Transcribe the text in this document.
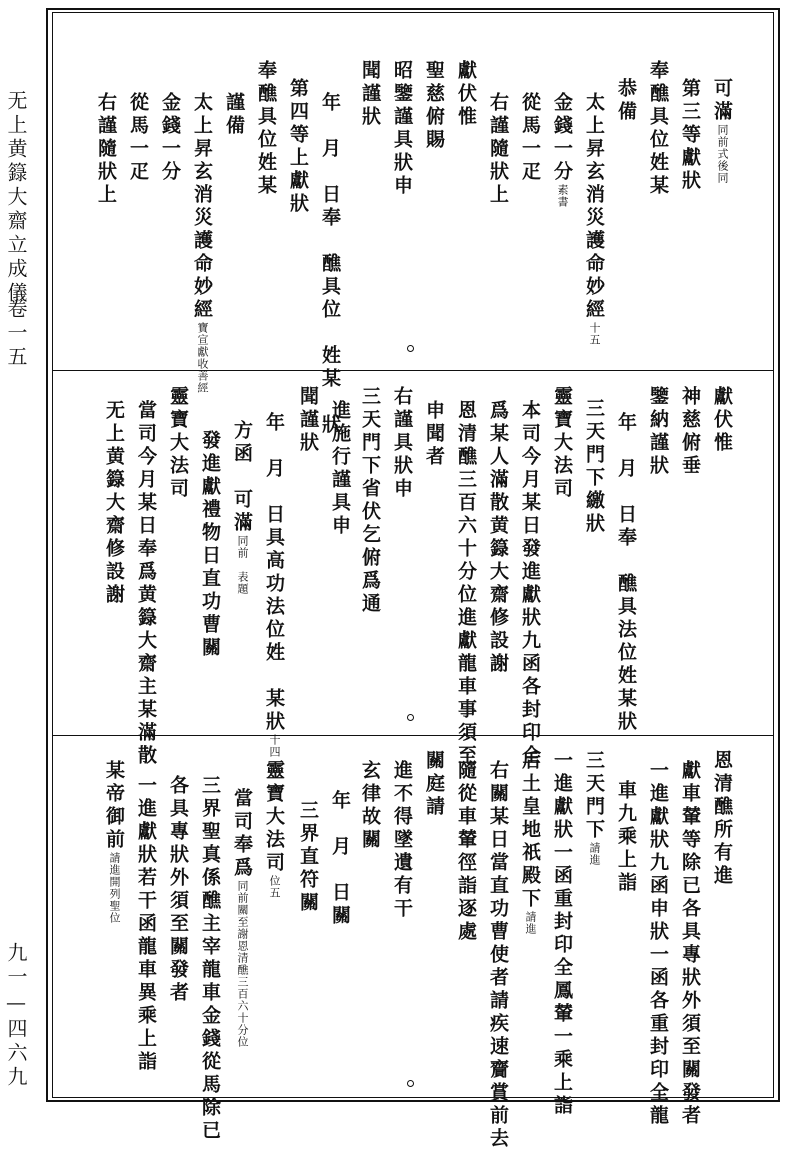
无上黄籙大齋立成儀
卷一五
九一—四六九
可滿同前式後同
第三等獻狀
奉醮具位姓某
恭備
太上昇玄消災護命妙經十五
金錢一分素書
從馬一疋
右謹隨狀上
獻伏惟
聖慈俯賜
昭鑒謹具狀申
聞謹狀
年　月　日奉　醮具位　姓某　狀
第四等上獻狀
奉醮具位姓某
謹備
太上昇玄消災護命妙經寶宣獻收善經
金錢一分
從馬一疋
右謹隨狀上
獻伏惟
神慈俯垂
鑒納謹狀
年　月　日奉　醮具法位姓某狀
三天門下繳狀
靈寶大法司
本司今月某日發進獻狀九函各封印全
爲某人滿散黄籙大齋修設謝
恩清醮三百六十分位進獻龍車事須至
申聞者
右謹具狀申
三天門下省伏乞俯爲通
進施行謹具申
聞謹狀
年　月　日具高功法位姓　某狀十四
方函　可滿同前　表題
發進獻禮物日直功曹關
靈寶大法司
當司今月某日奉爲黄籙大齋主某滿散
无上黄籙大齋修設謝
恩清醮所有進
獻車輦等除已各具專狀外須至關發者
一進獻狀九函申狀一函各重封印全龍
車九乘上詣
三天門下請進
一進獻狀一函重封印全鳳輦一乘上詣
后土皇地祇殿下請進
右關某日當直功曹使者請疾速齎賞前去
隨從車輦徑詣逐處
關庭請
進不得墜遺有干
玄律故關
年　月　日關
三界直符關
靈寶大法司位五
當司奉爲同前關至謝恩清醮三百六十分位
三界聖真係醮主宰龍車金錢從馬除已
各具專狀外須至關發者
一進獻狀若干函龍車異乘上詣
某帝御前請進開列聖位
